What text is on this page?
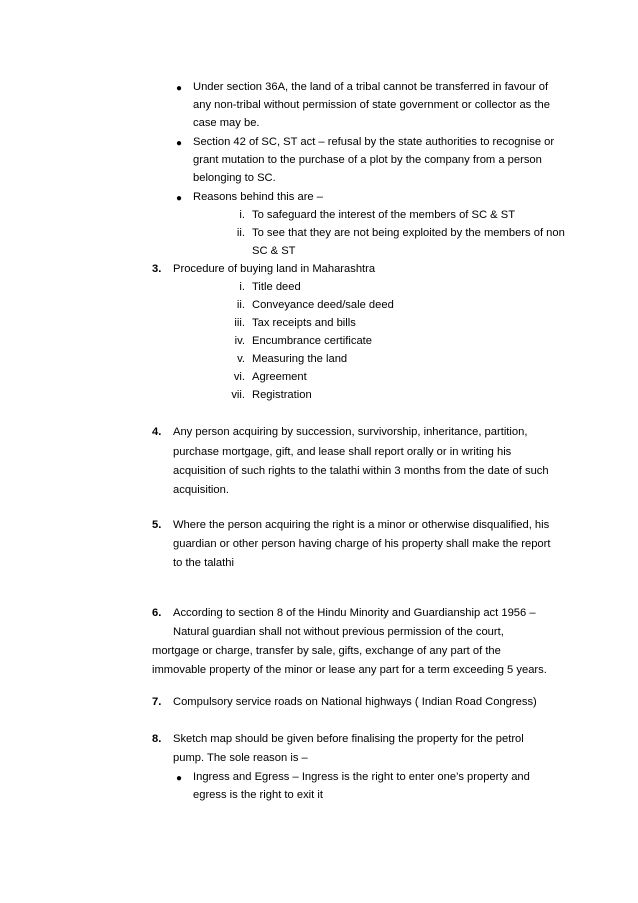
● Under section 36A, the land of a tribal cannot be transferred in favour of
any non-tribal without permission of state government or collector as the
case may be.
● Section 42 of SC, ST act – refusal by the state authorities to recognise or
grant mutation to the purchase of a plot by the company from a person
belonging to SC.
● Reasons behind this are –
i. To safeguard the interest of the members of SC & ST
ii. To see that they are not being exploited by the members of non
SC & ST
3. Procedure of buying land in Maharashtra
i. Title deed
ii. Conveyance deed/sale deed
iii. Tax receipts and bills
iv. Encumbrance certificate
v. Measuring the land
vi. Agreement
vii. Registration
4. Any person acquiring by succession, survivorship, inheritance, partition,
purchase mortgage, gift, and lease shall report orally or in writing his
acquisition of such rights to the talathi within 3 months from the date of such
acquisition.
5. Where the person acquiring the right is a minor or otherwise disqualified, his
guardian or other person having charge of his property shall make the report
to the talathi
6. According to section 8 of the Hindu Minority and Guardianship act 1956 –
Natural guardian shall not without previous permission of the court,
mortgage or charge, transfer by sale, gifts, exchange of any part of the
immovable property of the minor or lease any part for a term exceeding 5 years.
7. Compulsory service roads on National highways ( Indian Road Congress)
8. Sketch map should be given before finalising the property for the petrol
pump. The sole reason is –
● Ingress and Egress – Ingress is the right to enter one’s property and
egress is the right to exit it
